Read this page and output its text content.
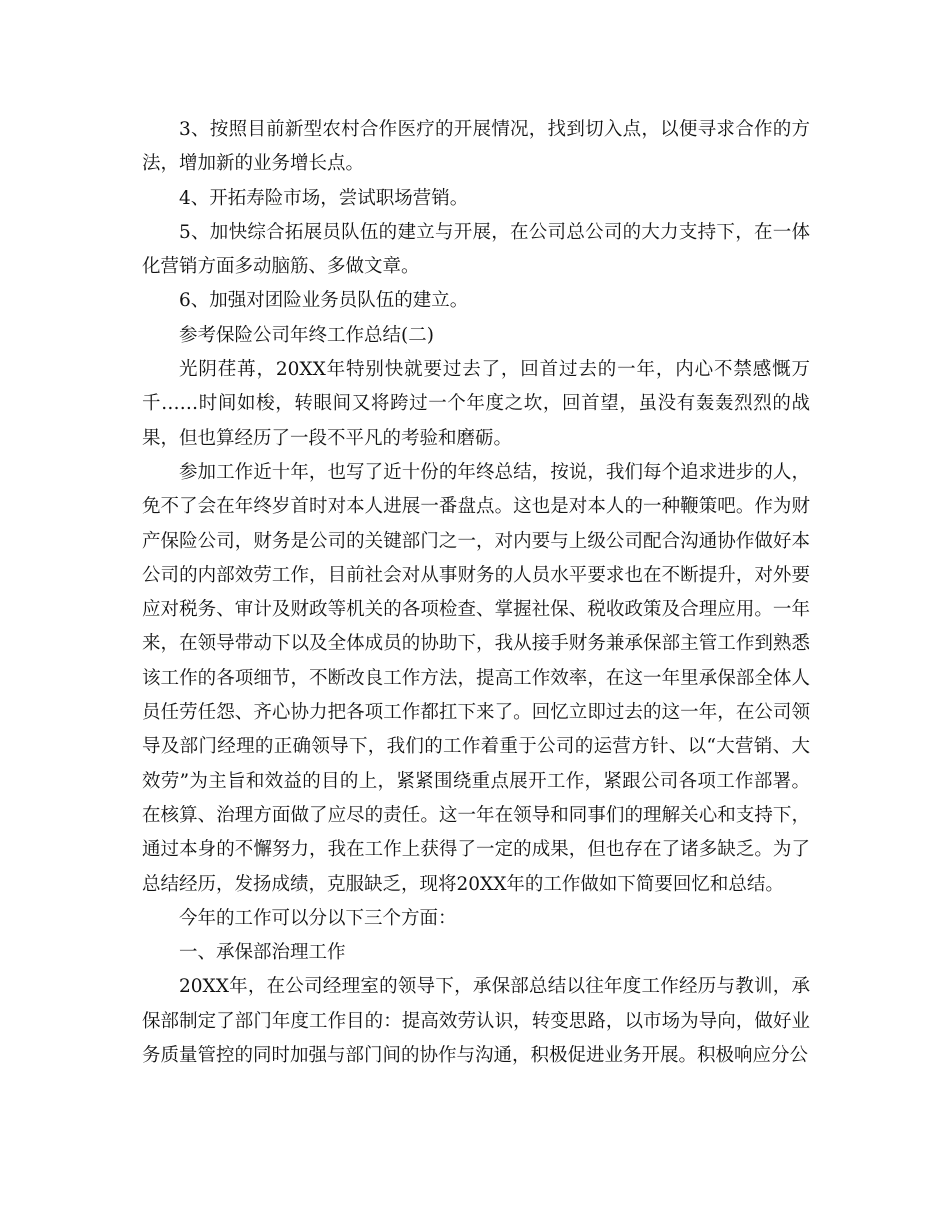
3、按照目前新型农村合作医疗的开展情况，找到切入点，以便寻求合作的方法，增加新的业务增长点。

4、开拓寿险市场，尝试职场营销。

5、加快综合拓展员队伍的建立与开展，在公司总公司的大力支持下，在一体化营销方面多动脑筋、多做文章。

6、加强对团险业务员队伍的建立。

参考保险公司年终工作总结(二)

光阴荏苒，20XX年特别快就要过去了，回首过去的一年，内心不禁感慨万千……时间如梭，转眼间又将跨过一个年度之坎，回首望，虽没有轰轰烈烈的战果，但也算经历了一段不平凡的考验和磨砺。

参加工作近十年，也写了近十份的年终总结，按说，我们每个追求进步的人，免不了会在年终岁首时对本人进展一番盘点。这也是对本人的一种鞭策吧。作为财产保险公司，财务是公司的关键部门之一，对内要与上级公司配合沟通协作做好本公司的内部效劳工作，目前社会对从事财务的人员水平要求也在不断提升，对外要应对税务、审计及财政等机关的各项检查、掌握社保、税收政策及合理应用。一年来，在领导带动下以及全体成员的协助下，我从接手财务兼承保部主管工作到熟悉该工作的各项细节，不断改良工作方法，提高工作效率，在这一年里承保部全体人员任劳任怨、齐心协力把各项工作都扛下来了。回忆立即过去的这一年，在公司领导及部门经理的正确领导下，我们的工作着重于公司的运营方针、以“大营销、大效劳”为主旨和效益的目的上，紧紧围绕重点展开工作，紧跟公司各项工作部署。在核算、治理方面做了应尽的责任。这一年在领导和同事们的理解关心和支持下，通过本身的不懈努力，我在工作上获得了一定的成果，但也存在了诸多缺乏。为了总结经历，发扬成绩，克服缺乏，现将20XX年的工作做如下简要回忆和总结。

今年的工作可以分以下三个方面：

一、承保部治理工作

20XX年，在公司经理室的领导下，承保部总结以往年度工作经历与教训，承保部制定了部门年度工作目的：提高效劳认识，转变思路，以市场为导向，做好业务质量管控的同时加强与部门间的协作与沟通，积极促进业务开展。积极响应分公
